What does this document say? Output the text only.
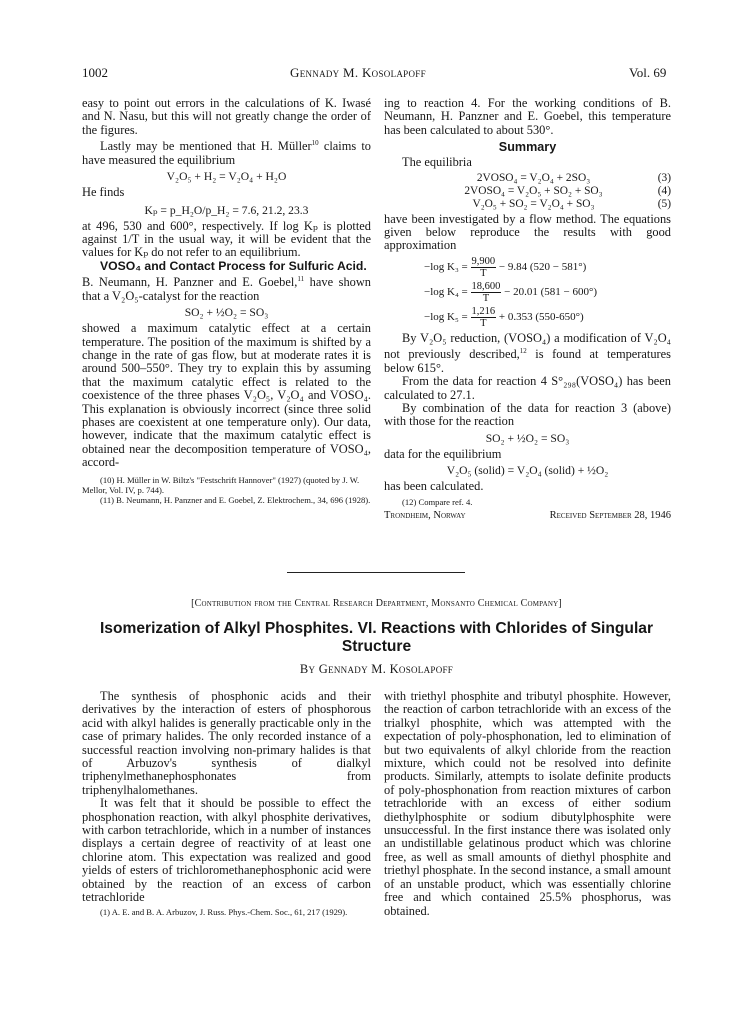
1002	Gennady M. Kosolapoff	Vol. 69

easy to point out errors in the calculations of K. Iwasé and N. Nasu, but this will not greatly change the order of the figures.

Lastly may be mentioned that H. Müller$^{10}$ claims to have measured the equilibrium

V₂O₅ + H₂ = V₂O₄ + H₂O

He finds

Kₚ = p_H₂O/p_H₂ = 7.6, 21.2, 23.3

at 496, 530 and 600°, respectively. If log Kₚ is plotted against 1/T in the usual way, it will be evident that the values for Kₚ do not refer to an equilibrium.

VOSO₄ and Contact Process for Sulfuric Acid.

B. Neumann, H. Panzner and E. Goebel,$^{11}$ have shown that a V₂O₅-catalyst for the reaction

SO₂ + ½O₂ = SO₃

showed a maximum catalytic effect at a certain temperature. The position of the maximum is shifted by a change in the rate of gas flow, but at moderate rates it is around 500–550°. They try to explain this by assuming that the maximum catalytic effect is related to the coexistence of the three phases V₂O₅, V₂O₄ and VOSO₄. This explanation is obviously incorrect (since three solid phases are coexistent at one temperature only). Our data, however, indicate that the maximum catalytic effect is obtained near the decomposition temperature of VOSO₄, accord-

(10) H. Müller in W. Biltz's "Festschrift Hannover" (1927) (quoted by J. W. Mellor, Vol. IV, p. 744).

(11) B. Neumann, H. Panzner and E. Goebel, Z. Elektrochem., 34, 696 (1928).

ing to reaction 4. For the working conditions of B. Neumann, H. Panzner and E. Goebel, this temperature has been calculated to about 530°.

Summary

The equilibria

2VOSO₄ = V₂O₄ + 2SO₃	(3)
2VOSO₄ = V₂O₅ + SO₂ + SO₃	(4)
V₂O₅ + SO₂ = V₂O₄ + SO₃	(5)

have been investigated by a flow method. The equations given below reproduce the results with good approximation

−log $K_3 = \frac{9,900}{T} - 9.84$ (520 − 581°)
−log $K_4 = \frac{18,600}{T} - 20.01$ (581 − 600°)
−log $K_5 = \frac{1,216}{T} + 0.353$ (550-650°)

By V₂O₅ reduction, (VOSO₄) a modification of V₂O₄ not previously described,$^{12}$ is found at temperatures below 615°.

From the data for reaction 4 S°₂₉₈(VOSO₄) has been calculated to 27.1.

By combination of the data for reaction 3 (above) with those for the reaction

SO₂ + ½O₂ = SO₃

data for the equilibrium

V₂O₅ (solid) = V₂O₄ (solid) + ½O₂

has been calculated.

(12) Compare ref. 4.

Trondheim, Norway	Received September 28, 1946
[Contribution from the Central Research Department, Monsanto Chemical Company]
Isomerization of Alkyl Phosphites. VI. Reactions with Chlorides of Singular Structure
By Gennady M. Kosolapoff

The synthesis of phosphonic acids and their derivatives by the interaction of esters of phosphorous acid with alkyl halides is generally practicable only in the case of primary halides. The only recorded instance of a successful reaction involving non-primary halides is that of Arbuzov's synthesis of dialkyl triphenylmethanephosphonates from triphenylhalomethanes.

It was felt that it should be possible to effect the phosphonation reaction, with alkyl phosphite derivatives, with carbon tetrachloride, which in a number of instances displays a certain degree of reactivity of at least one chlorine atom. This expectation was realized and good yields of esters of trichloromethanephosphonic acid were obtained by the reaction of an excess of carbon tetrachloride

(1) A. E. and B. A. Arbuzov, J. Russ. Phys.-Chem. Soc., 61, 217 (1929).

with triethyl phosphite and tributyl phosphite. However, the reaction of carbon tetrachloride with an excess of the trialkyl phosphite, which was attempted with the expectation of poly-phosphonation, led to elimination of but two equivalents of alkyl chloride from the reaction mixture, which could not be resolved into definite products. Similarly, attempts to isolate definite products of poly-phosphonation from reaction mixtures of carbon tetrachloride with an excess of either sodium diethylphosphite or sodium dibutylphosphite were unsuccessful. In the first instance there was isolated only an undistillable gelatinous product which was chlorine free, as well as small amounts of diethyl phosphite and triethyl phosphate. In the second instance, a small amount of an unstable product, which was essentially chlorine free and which contained 25.5% phosphorus, was obtained.
